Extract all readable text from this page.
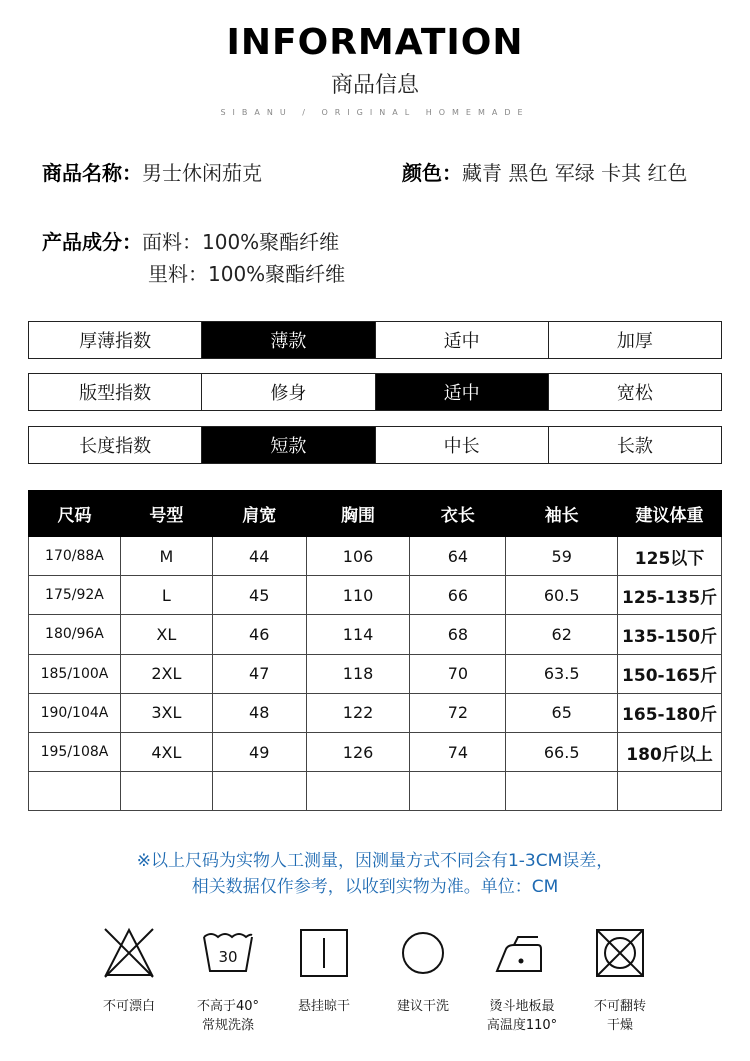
INFORMATION
商品信息
SIBANU / ORIGINAL HOMEMADE
商品名称：男士休闲茄克	颜色：藏青 黑色 军绿 卡其 红色
产品成分：面料：100%聚酯纤维
里料：100%聚酯纤维
厚薄指数	薄款	适中	加厚
版型指数	修身	适中	宽松
长度指数	短款	中长	长款
尺码	号型	肩宽	胸围	衣长	袖长	建议体重
170/88A	M	44	106	64	59	125以下
175/92A	L	45	110	66	60.5	125-135斤
180/96A	XL	46	114	68	62	135-150斤
185/100A	2XL	47	118	70	63.5	150-165斤
190/104A	3XL	48	122	72	65	165-180斤
195/108A	4XL	49	126	74	66.5	180斤以上

※以上尺码为实物人工测量，因测量方式不同会有1-3CM误差，
相关数据仅作参考，以收到实物为准。单位：CM
不可漂白
30
不高于40°
常规洗涤
悬挂晾干	建议干洗	烫斗地板最
高温度110°
不可翻转
干燥
